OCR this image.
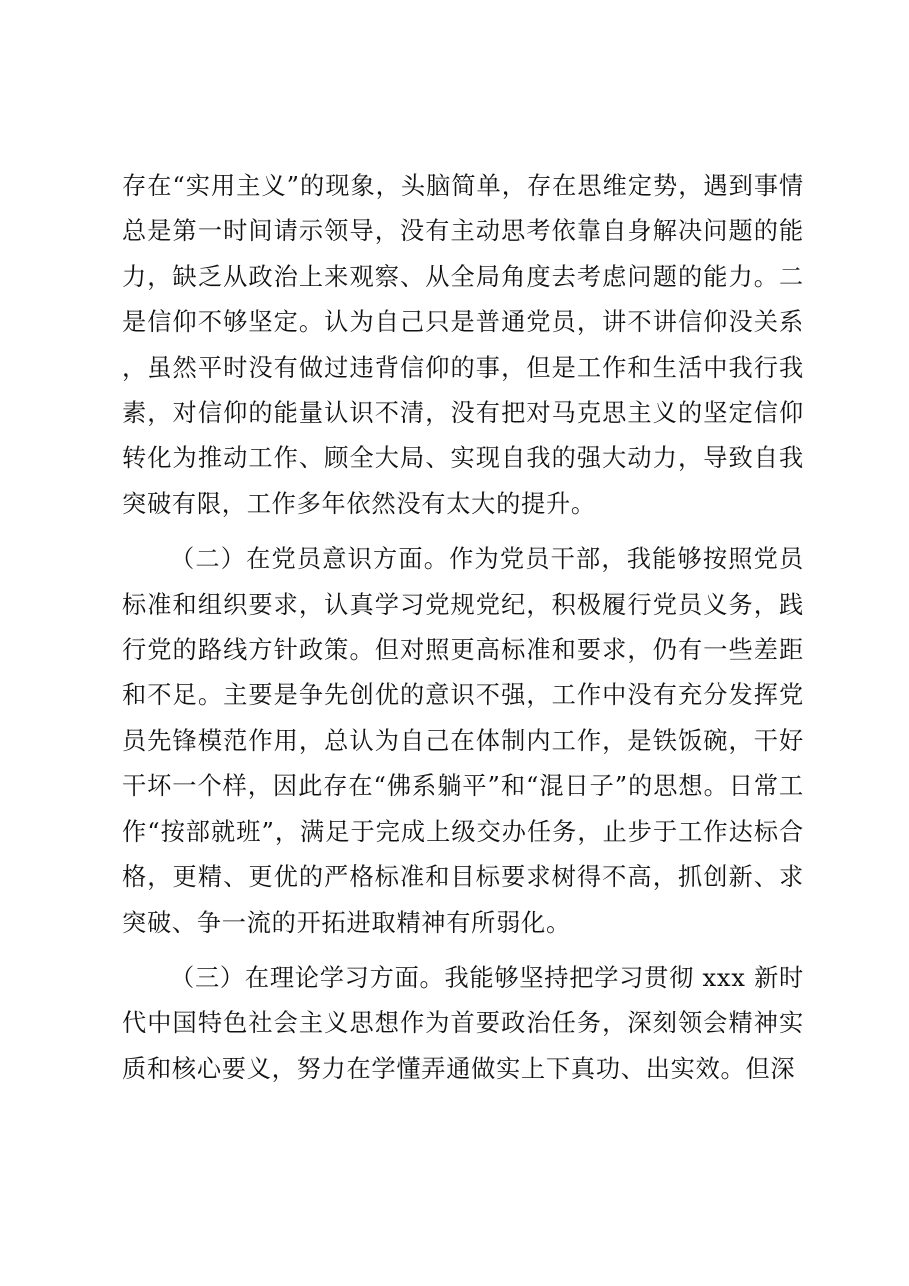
存在“实用主义”的现象，头脑简单，存在思维定势，遇到事情总是第一时间请示领导，没有主动思考依靠自身解决问题的能力，缺乏从政治上来观察、从全局角度去考虑问题的能力。二是信仰不够坚定。认为自己只是普通党员，讲不讲信仰没关系，虽然平时没有做过违背信仰的事，但是工作和生活中我行我素，对信仰的能量认识不清，没有把对马克思主义的坚定信仰转化为推动工作、顾全大局、实现自我的强大动力，导致自我突破有限，工作多年依然没有太大的提升。

（二）在党员意识方面。作为党员干部，我能够按照党员标准和组织要求，认真学习党规党纪，积极履行党员义务，践行党的路线方针政策。但对照更高标准和要求，仍有一些差距和不足。主要是争先创优的意识不强，工作中没有充分发挥党员先锋模范作用，总认为自己在体制内工作，是铁饭碗，干好干坏一个样，因此存在“佛系躺平”和“混日子”的思想。日常工作“按部就班”，满足于完成上级交办任务，止步于工作达标合格，更精、更优的严格标准和目标要求树得不高，抓创新、求突破、争一流的开拓进取精神有所弱化。

（三）在理论学习方面。我能够坚持把学习贯彻 xxx 新时代中国特色社会主义思想作为首要政治任务，深刻领会精神实质和核心要义，努力在学懂弄通做实上下真功、出实效。但深
